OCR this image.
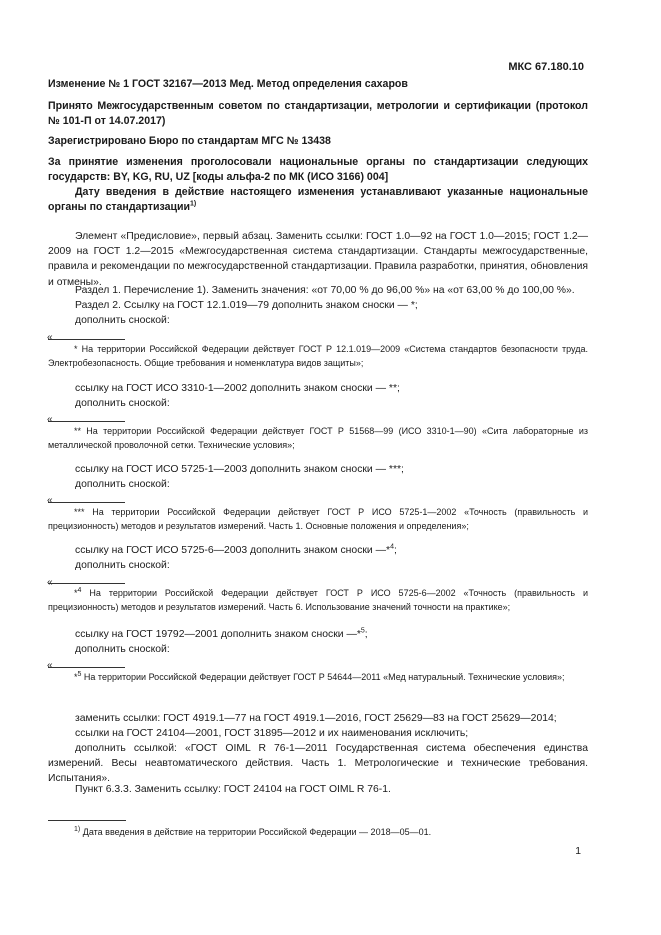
МКС 67.180.10

Изменение № 1 ГОСТ 32167—2013 Мед. Метод определения сахаров

Принято Межгосударственным советом по стандартизации, метрологии и сертификации (протокол № 101-П от 14.07.2017)

Зарегистрировано Бюро по стандартам МГС № 13438

За принятие изменения проголосовали национальные органы по стандартизации следующих государств: BY, KG, RU, UZ [коды альфа-2 по МК (ИСО 3166) 004]

Дату введения в действие настоящего изменения устанавливают указанные национальные органы по стандартизации$^{1)}$

Элемент «Предисловие», первый абзац. Заменить ссылки: ГОСТ 1.0—92 на ГОСТ 1.0—2015; ГОСТ 1.2—2009 на ГОСТ 1.2—2015 «Межгосударственная система стандартизации. Стандарты межгосударственные, правила и рекомендации по межгосударственной стандартизации. Правила разработки, принятия, обновления и отмены».

Раздел 1. Перечисление 1). Заменить значения: «от 70,00 % до 96,00 %» на «от 63,00 % до 100,00 %».

Раздел 2. Ссылку на ГОСТ 12.1.019—79 дополнить знаком сноски — *;

дополнить сноской:

«

* На территории Российской Федерации действует ГОСТ Р 12.1.019—2009 «Система стандартов безопасности труда. Электробезопасность. Общие требования и номенклатура видов защиты»;

ссылку на ГОСТ ИСО 3310-1—2002 дополнить знаком сноски — **;

дополнить сноской:

«

** На территории Российской Федерации действует ГОСТ Р 51568—99 (ИСО 3310-1—90) «Сита лабораторные из металлической проволочной сетки. Технические условия»;

ссылку на ГОСТ ИСО 5725-1—2003 дополнить знаком сноски — ***;

дополнить сноской:

«

*** На территории Российской Федерации действует ГОСТ Р ИСО 5725-1—2002 «Точность (правильность и прецизионность) методов и результатов измерений. Часть 1. Основные положения и определения»;

ссылку на ГОСТ ИСО 5725-6—2003 дополнить знаком сноски —*$^4$;

дополнить сноской:

«

*$^4$ На территории Российской Федерации действует ГОСТ Р ИСО 5725-6—2002 «Точность (правильность и прецизионность) методов и результатов измерений. Часть 6. Использование значений точности на практике»;

ссылку на ГОСТ 19792—2001 дополнить знаком сноски —*$^5$;

дополнить сноской:

«

*$^5$ На территории Российской Федерации действует ГОСТ Р 54644—2011 «Мед натуральный. Технические условия»;

заменить ссылки: ГОСТ 4919.1—77 на ГОСТ 4919.1—2016, ГОСТ 25629—83 на ГОСТ 25629—2014;

ссылки на ГОСТ 24104—2001, ГОСТ 31895—2012 и их наименования исключить;

дополнить ссылкой: «ГОСТ OIML R 76-1—2011 Государственная система обеспечения единства измерений. Весы неавтоматического действия. Часть 1. Метрологические и технические требования. Испытания».

Пункт 6.3.3. Заменить ссылку: ГОСТ 24104 на ГОСТ OIML R 76-1.

$^{1)}$ Дата введения в действие на территории Российской Федерации — 2018—05—01.

1
